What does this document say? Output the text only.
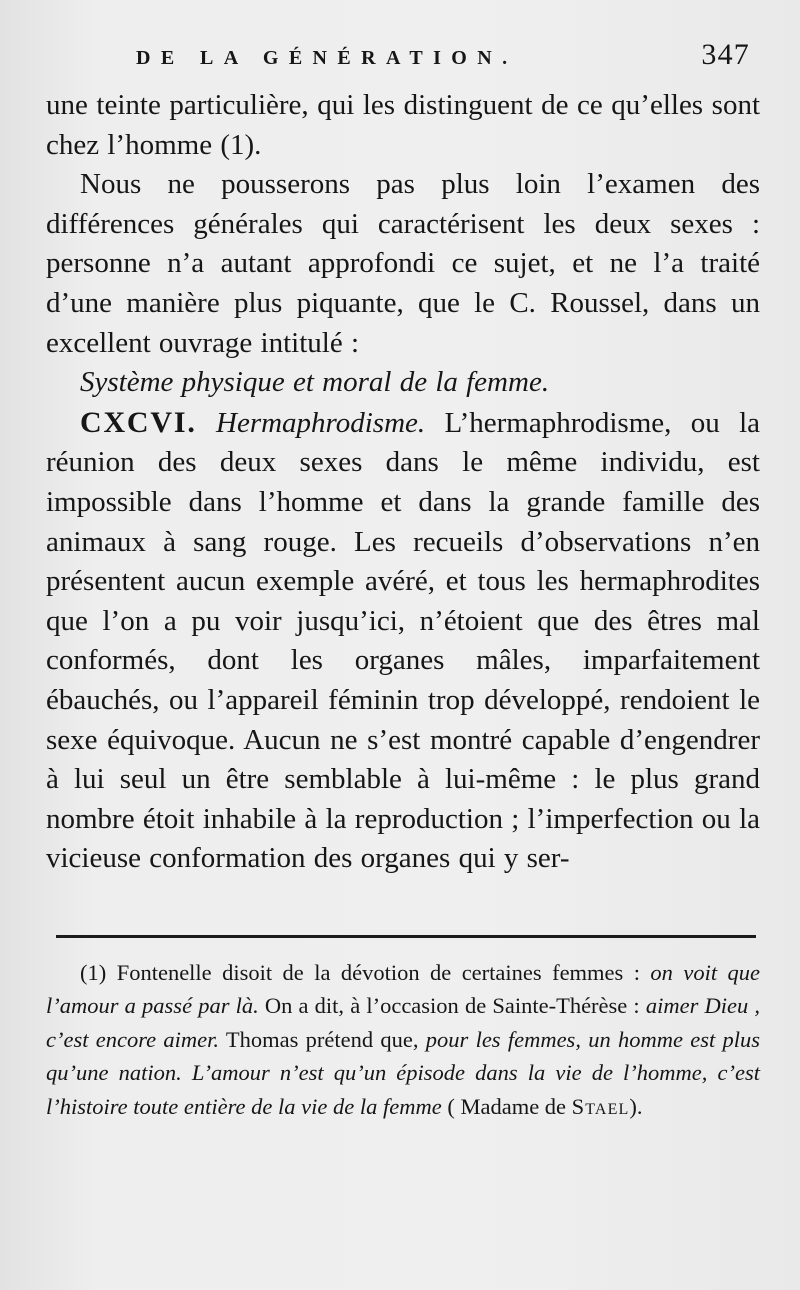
DE LA GÉNÉRATION.	347

une teinte particulière, qui les distinguent de ce qu’elles sont chez l’homme (1).

Nous ne pousserons pas plus loin l’examen des différences générales qui caractérisent les deux sexes : personne n’a autant approfondi ce sujet, et ne l’a traité d’une manière plus piquante, que le C. Roussel, dans un excellent ouvrage intitulé :
Système physique et moral de la femme.

CXCVI. Hermaphrodisme. L’hermaphrodisme, ou la réunion des deux sexes dans le même individu, est impossible dans l’homme et dans la grande famille des animaux à sang rouge. Les recueils d’observations n’en présentent aucun exemple avéré, et tous les hermaphrodites que l’on a pu voir jusqu’ici, n’étoient que des êtres mal conformés, dont les organes mâles, imparfaitement ébauchés, ou l’appareil féminin trop développé, rendoient le sexe équivoque. Aucun ne s’est montré capable d’engendrer à lui seul un être semblable à lui-même : le plus grand nombre étoit inhabile à la reproduction ; l’imperfection ou la vicieuse conformation des organes qui y ser-

(1) Fontenelle disoit de la dévotion de certaines femmes : on voit que l’amour a passé par là. On a dit, à l’occasion de Sainte-Thérèse : aimer Dieu , c’est encore aimer. Thomas prétend que, pour les femmes, un homme est plus qu’une nation. L’amour n’est qu’un épisode dans la vie de l’homme, c’est l’histoire toute entière de la vie de la femme ( Madame de Stael).
